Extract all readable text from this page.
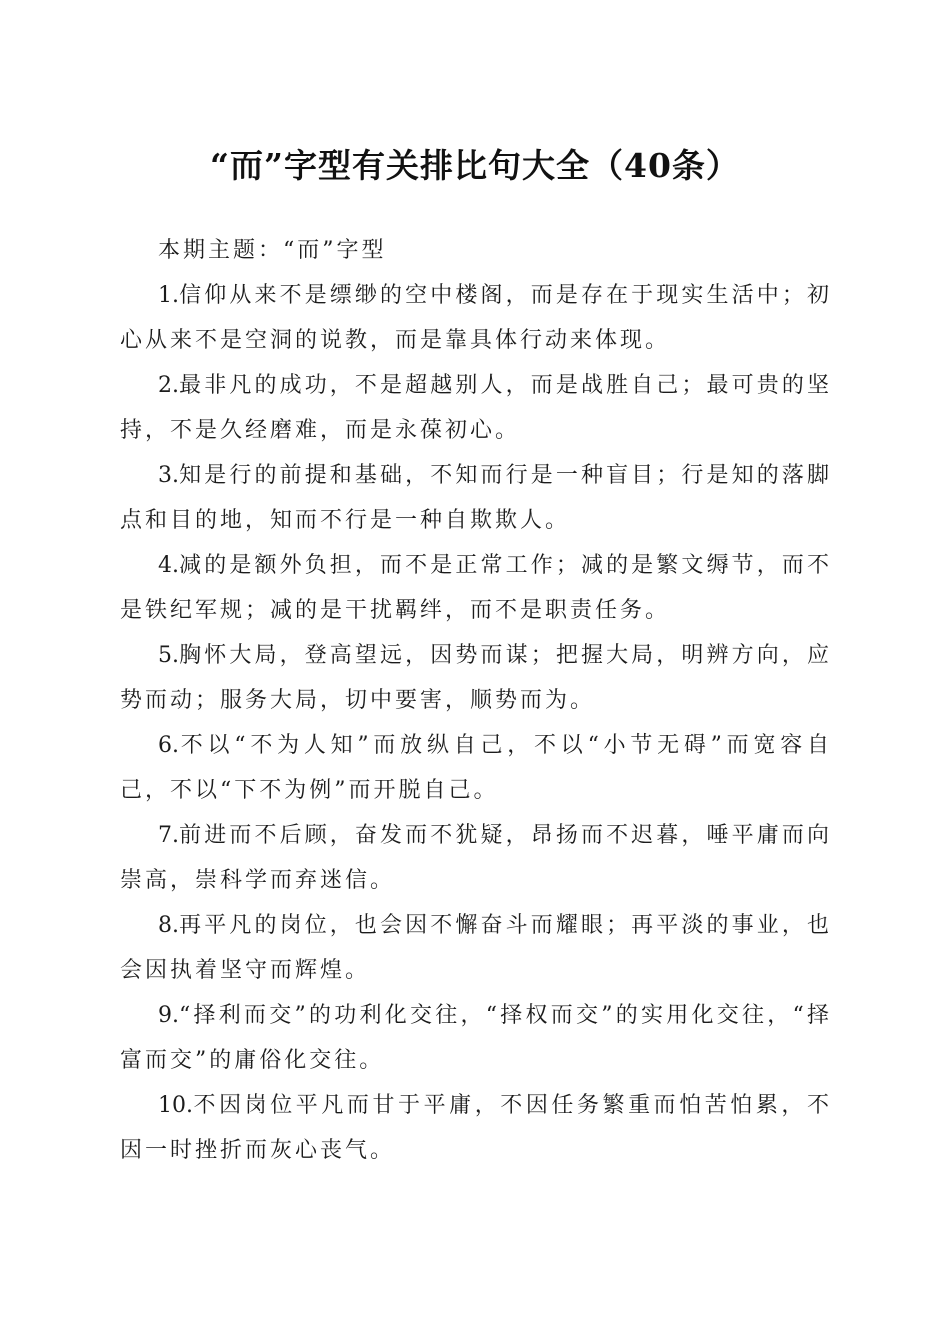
“而”字型有关排比句大全（40条）

本期主题：“而”字型

1.信仰从来不是缥缈的空中楼阁，而是存在于现实生活中；初心从来不是空洞的说教，而是靠具体行动来体现。

2.最非凡的成功，不是超越别人，而是战胜自己；最可贵的坚持，不是久经磨难，而是永葆初心。

3.知是行的前提和基础，不知而行是一种盲目；行是知的落脚点和目的地，知而不行是一种自欺欺人。

4.减的是额外负担，而不是正常工作；减的是繁文缛节，而不是铁纪军规；减的是干扰羁绊，而不是职责任务。

5.胸怀大局，登高望远，因势而谋；把握大局，明辨方向，应势而动；服务大局，切中要害，顺势而为。

6.不以“不为人知”而放纵自己，不以“小节无碍”而宽容自己，不以“下不为例”而开脱自己。

7.前进而不后顾，奋发而不犹疑，昂扬而不迟暮，唾平庸而向崇高，崇科学而弃迷信。

8.再平凡的岗位，也会因不懈奋斗而耀眼；再平淡的事业，也会因执着坚守而辉煌。

9.“择利而交”的功利化交往，“择权而交”的实用化交往，“择富而交”的庸俗化交往。

10.不因岗位平凡而甘于平庸，不因任务繁重而怕苦怕累，不因一时挫折而灰心丧气。
